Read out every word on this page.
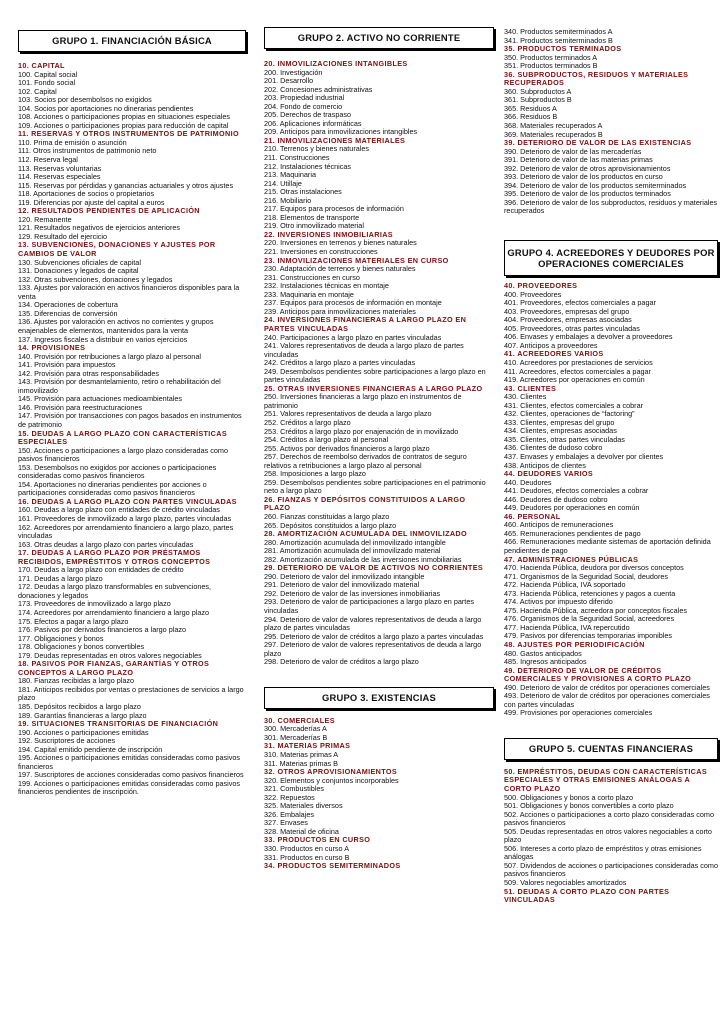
GRUPO 1. FINANCIACIÓN BÁSICA
10. CAPITAL
100. Capital social
101. Fondo social
102. Capital
103. Socios por desembolsos no exigidos
104. Socios por aportaciones no dinerarias pendientes
108. Acciones o participaciones propias en situaciones especiales
109. Acciones o participaciones propias para reducción de capital
11. RESERVAS Y OTROS INSTRUMENTOS DE PATRIMONIO
110. Prima de emisión o asunción
111. Otros instrumentos de patrimonio neto
112. Reserva legal
113. Reservas voluntarias
114. Reservas especiales
115. Reservas por pérdidas y ganancias actuariales y otros ajustes
118. Aportaciones de socios o propietarios
119. Diferencias por ajuste del capital a euros
12. RESULTADOS PENDIENTES DE APLICACIÓN
120. Remanente
121. Resultados negativos de ejercicios anteriores
129. Resultado del ejercicio
13. SUBVENCIONES, DONACIONES Y AJUSTES POR CAMBIOS DE VALOR
130. Subvenciones oficiales de capital
131. Donaciones y legados de capital
132. Otras subvenciones, donaciones y legados
133. Ajustes por valoración en activos financieros disponibles para la venta
134. Operaciones de cobertura
135. Diferencias de conversión
136. Ajustes por valoración en activos no corrientes y grupos enajenables de elementos, mantenidos para la venta
137. Ingresos fiscales a distribuir en varios ejercicios
14. PROVISIONES
140. Provisión por retribuciones a largo plazo al personal
141. Provisión para impuestos
142. Provisión para otras responsabilidades
143. Provisión por desmantelamiento, retiro o rehabilitación del inmovilizado
145. Provisión para actuaciones medioambientales
146. Provisión para reestructuraciones
147. Provisión por transacciones con pagos basados en instrumentos de patrimonio
15. DEUDAS A LARGO PLAZO CON CARACTERÍSTICAS ESPECIALES
150. Acciones o participaciones a largo plazo consideradas como pasivos financieros
153. Desembolsos no exigidos por acciones o participaciones consideradas como pasivos financieros
154. Aportaciones no dinerarias pendientes por acciones o participaciones consideradas como pasivos financieros
16. DEUDAS A LARGO PLAZO CON PARTES VINCULADAS
160. Deudas a largo plazo con entidades de crédito vinculadas
161. Proveedores de inmovilizado a largo plazo, partes vinculadas
162. Acreedores por arrendamiento financiero a largo plazo, partes vinculadas
163. Otras deudas a largo plazo con partes vinculadas
17. DEUDAS A LARGO PLAZO POR PRÉSTAMOS RECIBIDOS, EMPRÉSTITOS Y OTROS CONCEPTOS
170. Deudas a largo plazo con entidades de crédito
171. Deudas a largo plazo
172. Deudas a largo plazo transformables en subvenciones, donaciones y legados
173. Proveedores de inmovilizado a largo plazo
174. Acreedores por arrendamiento financiero a largo plazo
175. Efectos a pagar a largo plazo
176. Pasivos por derivados financieros a largo plazo
177. Obligaciones y bonos
178. Obligaciones y bonos convertibles
179. Deudas representadas en otros valores negociables
18. PASIVOS POR FIANZAS, GARANTÍAS Y OTROS CONCEPTOS A LARGO PLAZO
180. Fianzas recibidas a largo plazo
181. Anticipos recibidos por ventas o prestaciones de servicios a largo plazo
185. Depósitos recibidos a largo plazo
189. Garantías financieras a largo plazo
19. SITUACIONES TRANSITORIAS DE FINANCIACIÓN
190. Acciones o participaciones emitidas
192. Suscriptores de acciones
194. Capital emitido pendiente de inscripción
195. Acciones o participaciones emitidas consideradas como pasivos financieros
197. Suscriptores de acciones consideradas como pasivos financieros
199. Acciones o participaciones emitidas consideradas como pasivos financieros pendientes de inscripción.
GRUPO 2. ACTIVO NO CORRIENTE
20. INMOVILIZACIONES INTANGIBLES
200. Investigación
201. Desarrollo
202. Concesiones administrativas
203. Propiedad industrial
204. Fondo de comercio
205. Derechos de traspaso
206. Aplicaciones informáticas
209. Anticipos para inmovilizaciones intangibles
21. INMOVILIZACIONES MATERIALES
210. Terrenos y bienes naturales
211. Construcciones
212. Instalaciones técnicas
213. Maquinaria
214. Utillaje
215. Otras instalaciones
216. Mobiliario
217. Equipos para procesos de información
218. Elementos de transporte
219. Otro inmovilizado material
22. INVERSIONES INMOBILIARIAS
220. Inversiones en terrenos y bienes naturales
221. Inversiones en construcciones
23. INMOVILIZACIONES MATERIALES EN CURSO
230. Adaptación de terrenos y bienes naturales
231. Construcciones en curso
232. Instalaciones técnicas en montaje
233. Maquinaria en montaje
237. Equipos para procesos de información en montaje
239. Anticipos para inmovilizaciones materiales
24. INVERSIONES FINANCIERAS A LARGO PLAZO EN PARTES VINCULADAS
240. Participaciones a largo plazo en partes vinculadas
241. Valores representativos de deuda a largo plazo de partes vinculadas
242. Créditos a largo plazo a partes vinculadas
249. Desembolsos pendientes sobre participaciones a largo plazo en partes vinculadas
25. OTRAS INVERSIONES FINANCIERAS A LARGO PLAZO
250. Inversiones financieras a largo plazo en instrumentos de patrimonio
251. Valores representativos de deuda a largo plazo
252. Créditos a largo plazo
253. Créditos a largo plazo por enajenación de in movilizado
254. Créditos a largo plazo al personal
255. Activos por derivados financieros a largo plazo
257. Derechos de reembolso derivados de contratos de seguro relativos a retribuciones a largo plazo al personal
258. Imposiciones a largo plazo
259. Desembolsos pendientes sobre participaciones en el patrimonio neto a largo plazo
26. FIANZAS Y DEPÓSITOS CONSTITUIDOS A LARGO PLAZO
260. Fianzas constituidas a largo plazo
265. Depósitos constituidos a largo plazo
28. AMORTIZACIÓN ACUMULADA DEL INMOVILIZADO
280. Amortización acumulada del inmovilizado intangible
281. Amortización acumulada del inmovilizado material
282. Amortización acumulada de las inversiones inmobiliarias
29. DETERIORO DE VALOR DE ACTIVOS NO CORRIENTES
290. Deterioro de valor del inmovilizado intangible
291. Deterioro de valor del inmovilizado material
292. Deterioro de valor de las inversiones inmobiliarias
293. Deterioro de valor de participaciones a largo plazo en partes vinculadas
294. Deterioro de valor de valores representativos de deuda a largo plazo de partes vinculadas
295. Deterioro de valor de créditos a largo plazo a partes vinculadas
297. Deterioro de valor de valores representativos de deuda a largo plazo
298. Deterioro de valor de créditos a largo plazo
GRUPO 3. EXISTENCIAS
30. COMERCIALES
300. Mercaderías A
301. Mercaderías B
31. MATERIAS PRIMAS
310. Materias primas A
311. Materias primas B
32. OTROS APROVISIONAMIENTOS
320. Elementos y conjuntos incorporables
321. Combustibles
322. Repuestos
325. Materiales diversos
326. Embalajes
327. Envases
328. Material de oficina
33. PRODUCTOS EN CURSO
330. Productos en curso A
331. Productos en curso B
34. PRODUCTOS SEMITERMINADOS
340. Productos semiterminados A
341. Productos semiterminados B
35. PRODUCTOS TERMINADOS
350. Productos terminados A
351. Productos terminados B
36. SUBPRODUCTOS, RESIDUOS Y MATERIALES RECUPERADOS
360. Subproductos A
361. Subproductos B
365. Residuos A
366. Residuos B
368. Materiales recuperados A
369. Materiales recuperados B
39. DETERIORO DE VALOR DE LAS EXISTENCIAS
390. Deterioro de valor de las mercaderías
391. Deterioro de valor de las materias primas
392. Deterioro de valor de otros aprovisionamientos
393. Deterioro de valor de los productos en curso
394. Deterioro de valor de los productos semiterminados
395. Deterioro de valor de los productos terminados
396. Deterioro de valor de los subproductos, residuos y materiales recuperados
GRUPO 4. ACREEDORES Y DEUDORES POR OPERACIONES COMERCIALES
40. PROVEEDORES
400. Proveedores
401. Proveedores, efectos comerciales a pagar
403. Proveedores, empresas del grupo
404. Proveedores, empresas asociadas
405. Proveedores, otras partes vinculadas
406. Envases y embalajes a devolver a proveedores
407. Anticipos a proveedores
41. ACREEDORES VARIOS
410. Acreedores por prestaciones de servicios
411. Acreedores, efectos comerciales a pagar
419. Acreedores por operaciones en común
43. CLIENTES
430. Clientes
431. Clientes, efectos comerciales a cobrar
432. Clientes, operaciones de “factoring”
433. Clientes, empresas del grupo
434. Clientes, empresas asociadas
435. Clientes, otras partes vinculadas
436. Clientes de dudoso cobro
437. Envases y embalajes a devolver por clientes
438. Anticipos de clientes
44. DEUDORES VARIOS
440. Deudores
441. Deudores, efectos comerciales a cobrar
446. Deudores de dudoso cobro
449. Deudores por operaciones en común
46. PERSONAL
460. Anticipos de remuneraciones
465. Remuneraciones pendientes de pago
466. Remuneraciones mediante sistemas de aportación definida pendientes de pago
47. ADMINISTRACIONES PÚBLICAS
470. Hacienda Pública, deudora por diversos conceptos
471. Organismos de la Seguridad Social, deudores
472. Hacienda Pública, IVA soportado
473. Hacienda Pública, retenciones y pagos a cuenta
474. Activos por impuesto diferido
475. Hacienda Pública, acreedora por conceptos fiscales
476. Organismos de la Seguridad Social, acreedores
477. Hacienda Pública, IVA repercutido
479. Pasivos por diferencias temporarias imponibles
48. AJUSTES POR PERIODIFICACIÓN
480. Gastos anticipados
485. Ingresos anticipados
49. DETERIORO DE VALOR DE CRÉDITOS COMERCIALES Y PROVISIONES A CORTO PLAZO
490. Deterioro de valor de créditos por operaciones comerciales
493. Deterioro de valor de créditos por operaciones comerciales con partes vinculadas
499. Provisiones por operaciones comerciales
GRUPO 5. CUENTAS FINANCIERAS
50. EMPRÉSTITOS, DEUDAS CON CARACTERÍSTICAS ESPECIALES Y OTRAS EMISIONES ANÁLOGAS A CORTO PLAZO
500. Obligaciones y bonos a corto plazo
501. Obligaciones y bonos convertibles a corto plazo
502. Acciones o participaciones a corto plazo consideradas como pasivos financieros
505. Deudas representadas en otros valores negociables a corto plazo
506. Intereses a corto plazo de empréstitos y otras emisiones análogas
507. Dividendos de acciones o participaciones consideradas como pasivos financieros
509. Valores negociables amortizados
51. DEUDAS A CORTO PLAZO CON PARTES VINCULADAS
